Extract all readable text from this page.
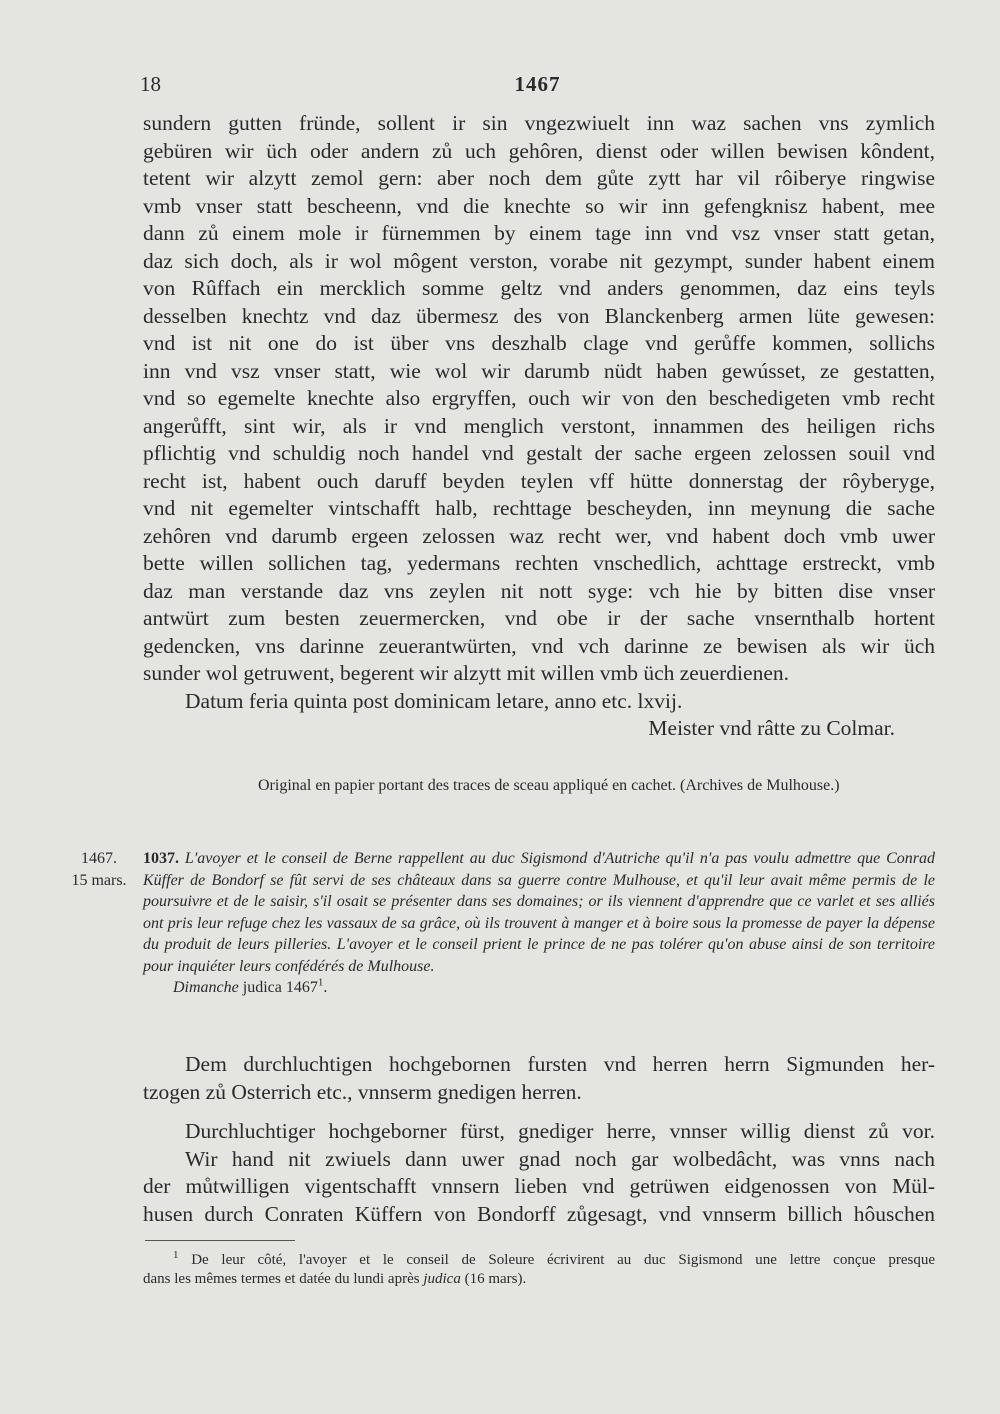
18	1467
sundern gutten fründe, sollent ir sin vngezwiuelt inn waz sachen vns zymlich
gebüren wir üch oder andern zů uch gehôren, dienst oder willen bewisen kôndent,
tetent wir alzytt zemol gern: aber noch dem gůte zytt har vil rôiberye ringwise
vmb vnser statt bescheenn, vnd die knechte so wir inn gefengknisz habent, mee
dann zů einem mole ir fürnemmen by einem tage inn vnd vsz vnser statt getan,
daz sich doch, als ir wol môgent verston, vorabe nit gezympt, sunder habent einem
von Rûffach ein mercklich somme geltz vnd anders genommen, daz eins teyls
desselben knechtz vnd daz übermesz des von Blanckenberg armen lüte gewesen:
vnd ist nit one do ist über vns deszhalb clage vnd gerůffe kommen, sollichs
inn vnd vsz vnser statt, wie wol wir darumb nüdt haben gewússet, ze gestatten,
vnd so egemelte knechte also ergryffen, ouch wir von den beschedigeten vmb recht
angerůfft, sint wir, als ir vnd menglich verstont, innammen des heiligen richs
pflichtig vnd schuldig noch handel vnd gestalt der sache ergeen zelossen souil vnd
recht ist, habent ouch daruff beyden teylen vff hütte donnerstag der rôyberyge,
vnd nit egemelter vintschafft halb, rechttage bescheyden, inn meynung die sache
zehôren vnd darumb ergeen zelossen waz recht wer, vnd habent doch vmb uwer
bette willen sollichen tag, yedermans rechten vnschedlich, achttage erstreckt, vmb
daz man verstande daz vns zeylen nit nott syge: vch hie by bitten dise vnser
antwürt zum besten zeuermercken, vnd obe ir der sache vnsernthalb hortent
gedencken, vns darinne zeuerantwürten, vnd vch darinne ze bewisen als wir üch
sunder wol getruwent, begerent wir alzytt mit willen vmb üch zeuerdienen.
Datum feria quinta post dominicam letare, anno etc. lxvij.
Meister vnd râtte zu Colmar.
Original en papier portant des traces de sceau appliqué en cachet. (Archives de Mulhouse.)
1467.
15 mars.
1037. L'avoyer et le conseil de Berne rappellent au duc Sigismond d'Autriche qu'il n'a pas voulu admettre que Conrad Küffer de Bondorf se fût servi de ses châteaux dans sa guerre contre Mulhouse, et qu'il leur avait même permis de le poursuivre et de le saisir, s'il osait se présenter dans ses domaines; or ils viennent d'apprendre que ce varlet et ses alliés ont pris leur refuge chez les vassaux de sa grâce, où ils trouvent à manger et à boire sous la promesse de payer la dépense du produit de leurs pilleries. L'avoyer et le conseil prient le prince de ne pas tolérer qu'on abuse ainsi de son territoire pour inquiéter leurs confédérés de Mulhouse.
Dimanche judica 1467$^1$.
Dem durchluchtigen hochgebornen fursten vnd herren herrn Sigmunden her-
tzogen zů Osterrich etc., vnnserm gnedigen herren.
Durchluchtiger hochgeborner fürst, gnediger herre, vnnser willig dienst zů vor.
Wir hand nit zwiuels dann uwer gnad noch gar wolbedâcht, was vnns nach
der můtwilligen vigentschafft vnnsern lieben vnd getrüwen eidgenossen von Mül-
husen durch Conraten Küffern von Bondorff zůgesagt, vnd vnnserm billich hôuschen
$^1$ De leur côté, l'avoyer et le conseil de Soleure écrivirent au duc Sigismond une lettre conçue presque
dans les mêmes termes et datée du lundi après judica (16 mars).
